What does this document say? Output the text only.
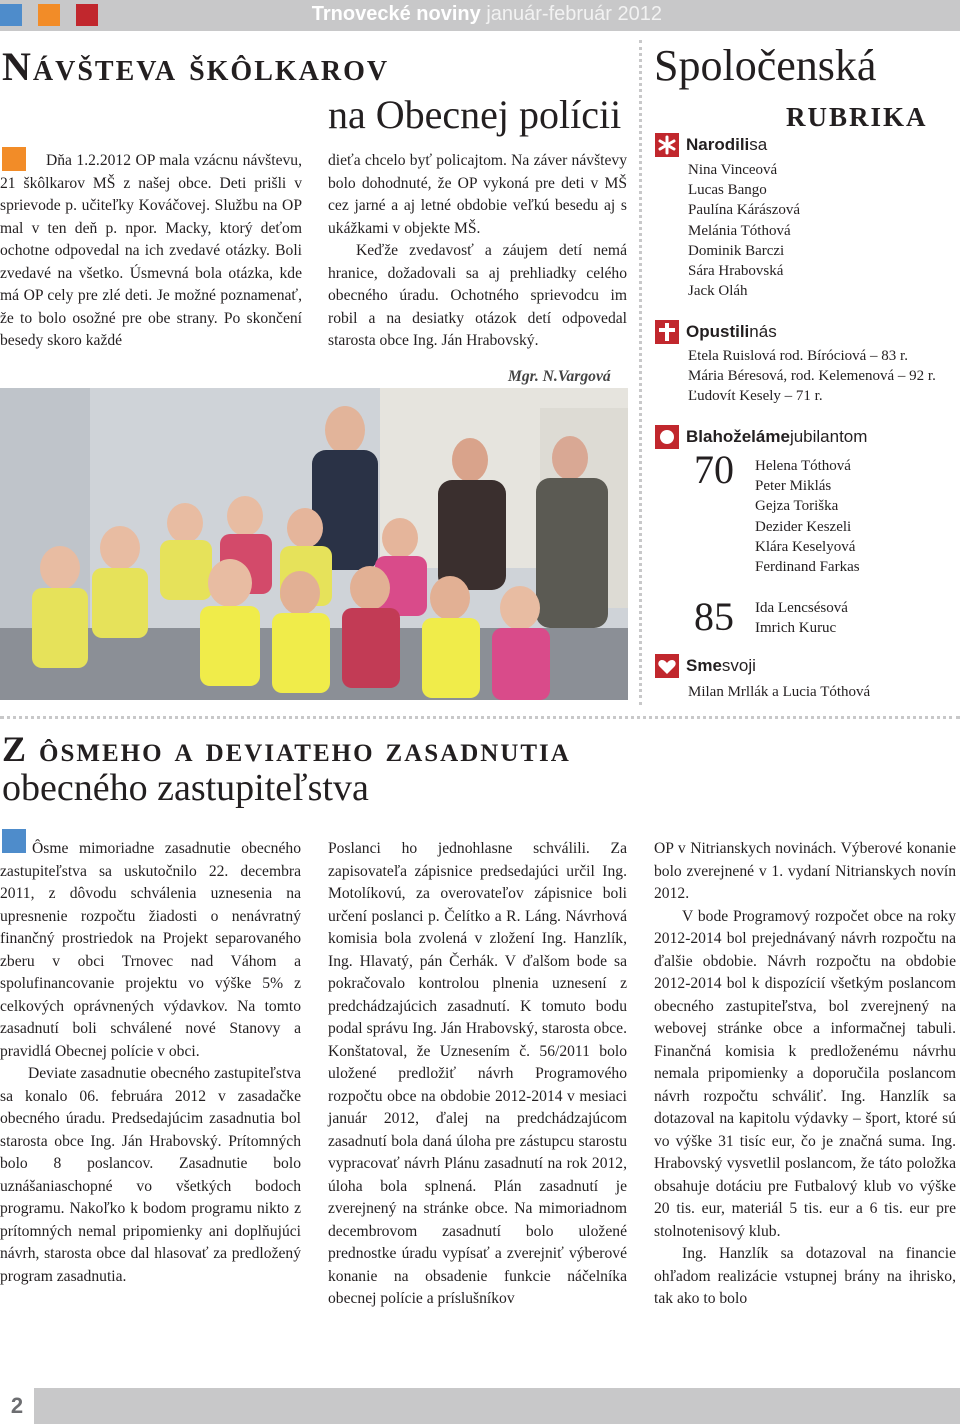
Trnovecké noviny január-február 2012
Návšteva škôlkarov
na Obecnej polícii

Dňa 1.2.2012 OP mala vzácnu návštevu, 21 škôlkarov MŠ z našej obce. Deti prišli v sprievode p. učiteľky Kováčovej. Službu na OP mal v ten deň p. npor. Macky, ktorý deťom ochotne odpovedal na ich zvedavé otázky. Boli zvedavé na všetko. Úsmevná bola otázka, kde má OP cely pre zlé deti. Je možné poznamenať, že to bolo osožné pre obe strany. Po skončení besedy skoro každé

dieťa chcelo byť policajtom. Na záver návštevy bolo dohodnuté, že OP vykoná pre deti v MŠ cez jarné a aj letné obdobie veľkú besedu aj s ukážkami v objekte MŠ.

Keďže zvedavosť a záujem detí nemá hranice, dožadovali sa aj prehliadky celého obecného úradu. Ochotného sprievodcu im robil a na desiatky otázok detí odpovedal starosta obce Ing. Ján Hrabovský.

Mgr. N.Vargová
Spoločenská
rubrika
Narodilisa
Nina Vinceová
Lucas Bango
Paulína Kárászová
Melánia Tóthová
Dominik Barczi
Sára Hrabovská
Jack Oláh
Opustilinás
Etela Ruislová rod. Bíróciová – 83 r.
Mária Béresová, rod. Kelemenová – 92 r.
Ľudovít Kesely – 71 r.
Blahoželámejubilantom
70 Helena Tóthová
Peter Miklás
Gejza Toriška
Dezider Keszeli
Klára Keselyová
Ferdinand Farkas
85 Ida Lencsésová
Imrich Kuruc
Smesvoji
Milan Mrllák a Lucia Tóthová
Z ôsmeho a deviateho zasadnutia
obecného zastupiteľstva

Ôsme mimoriadne zasadnutie obecného zastupiteľstva sa uskutočnilo 22. decembra 2011, z dôvodu schválenia uznesenia na upresnenie rozpočtu žiadosti o nenávratný finančný prostriedok na Projekt separovaného zberu v obci Trnovec nad Váhom a spolufinancovanie projektu vo výške 5% z celkových oprávnených výdavkov. Na tomto zasadnutí boli schválené nové Stanovy a pravidlá Obecnej polície v obci.

Deviate zasadnutie obecného zastupiteľstva sa konalo 06. februára 2012 v zasadačke obecného úradu. Predsedajúcim zasadnutia bol starosta obce Ing. Ján Hrabovský. Prítomných bolo 8 poslancov. Zasadnutie bolo uznášaniaschopné vo všetkých bodoch programu. Nakoľko k bodom programu nikto z prítomných nemal pripomienky ani doplňujúci návrh, starosta obce dal hlasovať za predložený program zasadnutia.

Poslanci ho jednohlasne schválili. Za zapisovateľa zápisnice predsedajúci určil Ing. Motolíkovú, za overovateľov zápisnice boli určení poslanci p. Čelítko a R. Láng. Návrhová komisia bola zvolená v zložení Ing. Hanzlík, Ing. Hlavatý, pán Čerhák. V ďalšom bode sa pokračovalo kontrolou plnenia uznesení z predchádzajúcich zasadnutí. K tomuto bodu podal správu Ing. Ján Hrabovský, starosta obce. Konštatoval, že Uznesením č. 56/2011 bolo uložené predložiť návrh Programového rozpočtu obce na obdobie 2012-2014 v mesiaci január 2012, ďalej na predchádzajúcom zasadnutí bola daná úloha pre zástupcu starostu vypracovať návrh Plánu zasadnutí na rok 2012, úloha bola splnená. Plán zasadnutí je zverejnený na stránke obce. Na mimoriadnom decembrovom zasadnutí bolo uložené prednostke úradu vypísať a zverejniť výberové konanie na obsadenie funkcie náčelníka obecnej polície a príslušníkov

OP v Nitrianskych novinách. Výberové konanie bolo zverejnené v 1. vydaní Nitrianskych novín 2012.

V bode Programový rozpočet obce na roky 2012-2014 bol prejednávaný návrh rozpočtu na ďalšie obdobie. Návrh rozpočtu na obdobie 2012-2014 bol k dispozícií všetkým poslancom obecného zastupiteľstva, bol zverejnený na webovej stránke obce a informačnej tabuli. Finančná komisia k predloženému návrhu nemala pripomienky a doporučila poslancom návrh rozpočtu schváliť. Ing. Hanzlík sa dotazoval na kapitolu výdavky – šport, ktoré sú vo výške 31 tisíc eur, čo je značná suma. Ing. Hrabovský vysvetlil poslancom, že táto položka obsahuje dotáciu pre Futbalový klub vo výške 20 tis. eur, materiál 5 tis. eur a 6 tis. eur pre stolnotenisový klub.

Ing. Hanzlík sa dotazoval na financie ohľadom realizácie vstupnej brány na ihrisko, tak ako to bolo

2
